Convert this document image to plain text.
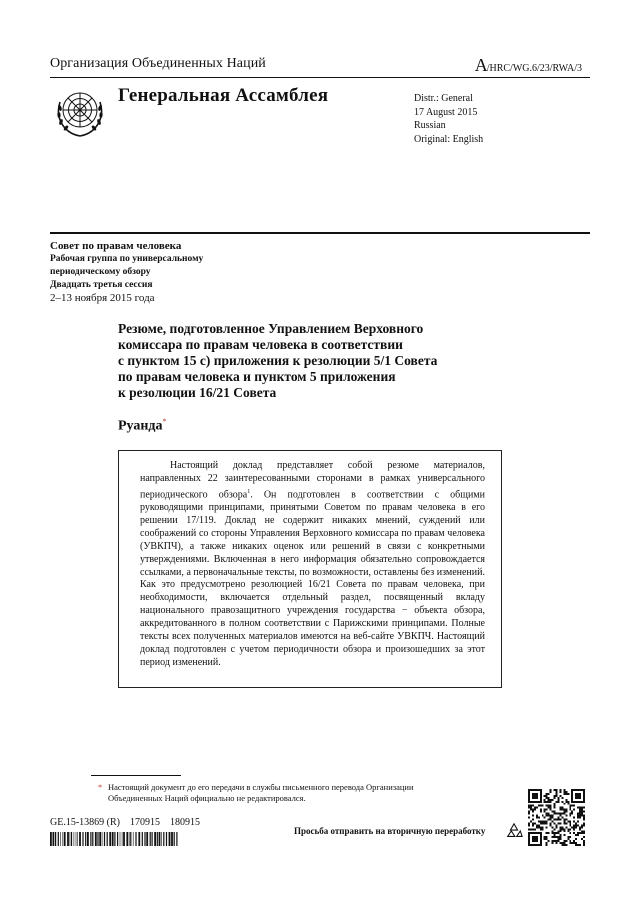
Организация Объединенных Наций	A/HRC/WG.6/23/RWA/3
Генеральная Ассамблея	Distr.: General
17 August 2015
Russian
Original: English
Совет по правам человека
Рабочая группа по универсальному
периодическому обзору
Двадцать третья сессия
2–13 ноября 2015 года
Резюме, подготовленное Управлением Верховного
комиссара по правам человека в соответствии
с пунктом 15 с) приложения к резолюции 5/1 Совета
по правам человека и пунктом 5 приложения
к резолюции 16/21 Совета
Руанда*
Настоящий доклад представляет собой резюме материалов, направленных 22 заинтересованными сторонами в рамках универсального периодического обзора$^1$. Он подготовлен в соответствии с общими руководящими принципами, принятыми Советом по правам человека в его решении 17/119. Доклад не содержит никаких мнений, суждений или соображений со стороны Управления Верховного комиссара по правам человека (УВКПЧ), а также никаких оценок или решений в связи с конкретными утверждениями. Включенная в него информация обязательно сопровождается ссылками, а первоначальные тексты, по возможности, оставлены без изменений. Как это предусмотрено резолюцией 16/21 Совета по правам человека, при необходимости, включается отдельный раздел, посвященный вкладу национального правозащитного учреждения государства − объекта обзора, аккредитованного в полном соответствии с Парижскими принципами. Полные тексты всех полученных материалов имеются на веб-сайте УВКПЧ. Настоящий доклад подготовлен с учетом периодичности обзора и произошедших за этот период изменений.
* Настоящий документ до его передачи в службы письменного перевода Организации Объединенных Наций официально не редактировался.
GE.15-13869 (R)    170915    180915
Просьба отправить на вторичную переработку
